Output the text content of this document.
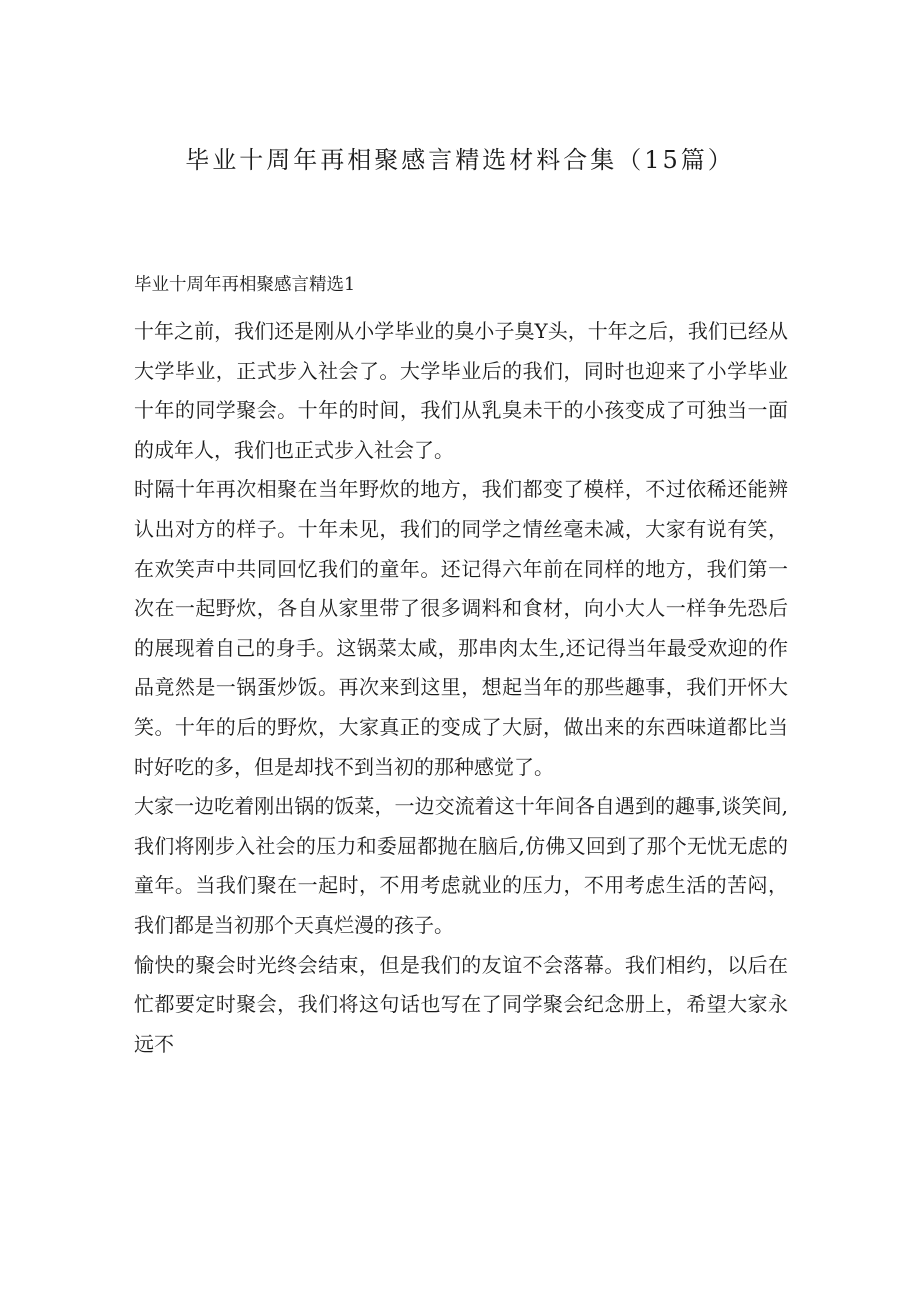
毕业十周年再相聚感言精选材料合集（15篇）
毕业十周年再相聚感言精选1

十年之前，我们还是刚从小学毕业的臭小子臭Y头，十年之后，我们已经从大学毕业，正式步入社会了。大学毕业后的我们，同时也迎来了小学毕业十年的同学聚会。十年的时间，我们从乳臭未干的小孩变成了可独当一面的成年人，我们也正式步入社会了。

时隔十年再次相聚在当年野炊的地方，我们都变了模样，不过依稀还能辨认出对方的样子。十年未见，我们的同学之情丝毫未减，大家有说有笑，在欢笑声中共同回忆我们的童年。还记得六年前在同样的地方，我们第一次在一起野炊，各自从家里带了很多调料和食材，向小大人一样争先恐后的展现着自己的身手。这锅菜太咸，那串肉太生,还记得当年最受欢迎的作品竟然是一锅蛋炒饭。再次来到这里，想起当年的那些趣事，我们开怀大笑。十年的后的野炊，大家真正的变成了大厨，做出来的东西味道都比当时好吃的多，但是却找不到当初的那种感觉了。

大家一边吃着刚出锅的饭菜，一边交流着这十年间各自遇到的趣事,谈笑间,我们将刚步入社会的压力和委屈都抛在脑后,仿佛又回到了那个无忧无虑的童年。当我们聚在一起时，不用考虑就业的压力，不用考虑生活的苦闷，我们都是当初那个天真烂漫的孩子。

愉快的聚会时光终会结束，但是我们的友谊不会落幕。我们相约，以后在忙都要定时聚会，我们将这句话也写在了同学聚会纪念册上，希望大家永远不
